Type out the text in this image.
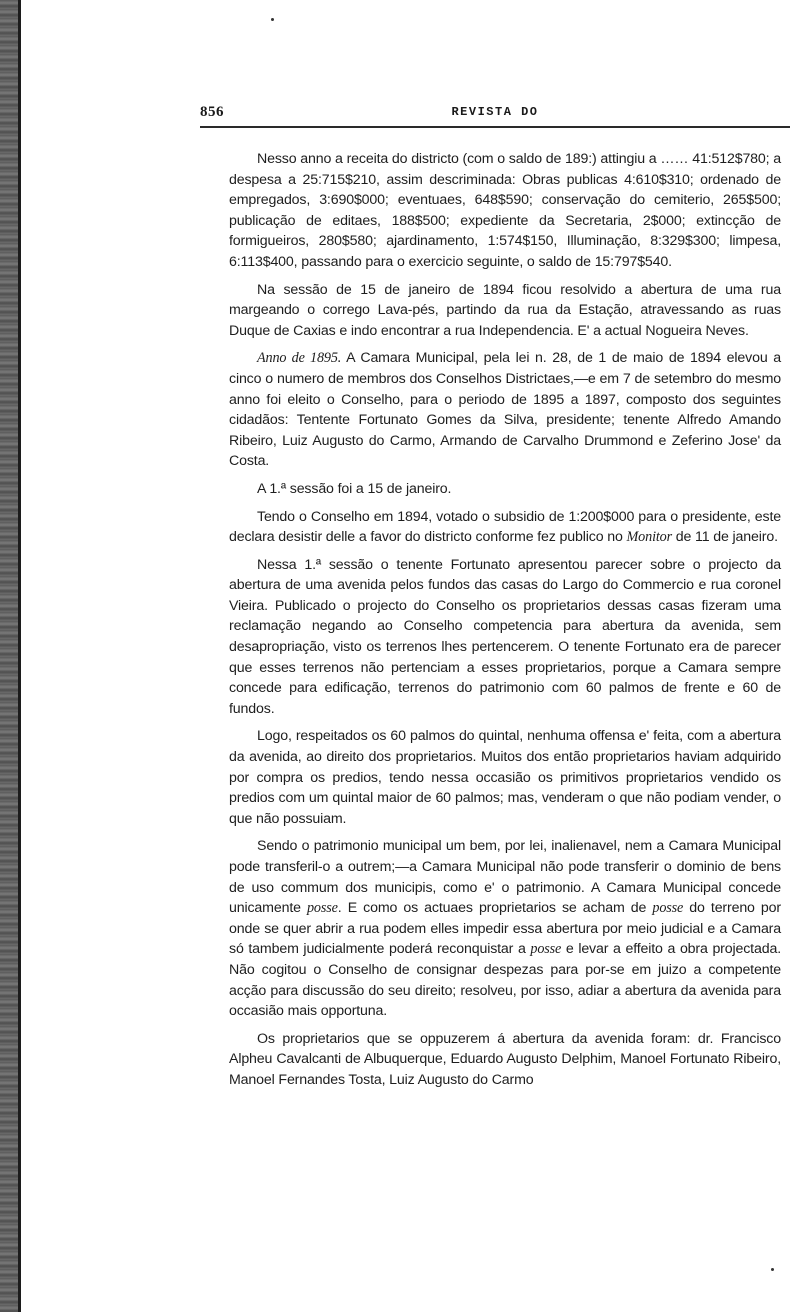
856	REVISTA DO

Nesso anno a receita do districto (com o saldo de 189:) attingiu a …… 41:512$780; a despesa a 25:715$210, assim descriminada: Obras publicas 4:610$310; ordenado de empregados, 3:690$000; eventuaes, 648$590; conservação do cemiterio, 265$500; publicação de editaes, 188$500; expediente da Secretaria, 2$000; extincção de formigueiros, 280$580; ajardinamento, 1:574$150, Illuminação, 8:329$300; limpesa, 6:113$400, passando para o exercicio seguinte, o saldo de 15:797$540.

Na sessão de 15 de janeiro de 1894 ficou resolvido a abertura de uma rua margeando o corrego Lava-pés, partindo da rua da Estação, atravessando as ruas Duque de Caxias e indo encontrar a rua Independencia. E' a actual Nogueira Neves.

Anno de 1895. A Camara Municipal, pela lei n. 28, de 1 de maio de 1894 elevou a cinco o numero de membros dos Conselhos Districtaes,—e em 7 de setembro do mesmo anno foi eleito o Conselho, para o periodo de 1895 a 1897, composto dos seguintes cidadãos: Tentente Fortunato Gomes da Silva, presidente; tenente Alfredo Amando Ribeiro, Luiz Augusto do Carmo, Armando de Carvalho Drummond e Zeferino Jose' da Costa.

A 1.ª sessão foi a 15 de janeiro.

Tendo o Conselho em 1894, votado o subsidio de 1:200$000 para o presidente, este declara desistir delle a favor do districto conforme fez publico no Monitor de 11 de janeiro.

Nessa 1.ª sessão o tenente Fortunato apresentou parecer sobre o projecto da abertura de uma avenida pelos fundos das casas do Largo do Commercio e rua coronel Vieira. Publicado o projecto do Conselho os proprietarios dessas casas fizeram uma reclamação negando ao Conselho competencia para abertura da avenida, sem desapropriação, visto os terrenos lhes pertencerem. O tenente Fortunato era de parecer que esses terrenos não pertenciam a esses proprietarios, porque a Camara sempre concede para edificação, terrenos do patrimonio com 60 palmos de frente e 60 de fundos.

Logo, respeitados os 60 palmos do quintal, nenhuma offensa e' feita, com a abertura da avenida, ao direito dos proprietarios. Muitos dos então proprietarios haviam adquirido por compra os predios, tendo nessa occasião os primitivos proprietarios vendido os predios com um quintal maior de 60 palmos; mas, venderam o que não podiam vender, o que não possuiam.

Sendo o patrimonio municipal um bem, por lei, inalienavel, nem a Camara Municipal pode transferil-o a outrem;—a Camara Municipal não pode transferir o dominio de bens de uso commum dos municipis, como e' o patrimonio. A Camara Municipal concede unicamente posse. E como os actuaes proprietarios se acham de posse do terreno por onde se quer abrir a rua podem elles impedir essa abertura por meio judicial e a Camara só tambem judicialmente poderá reconquistar a posse e levar a effeito a obra projectada. Não cogitou o Conselho de consignar despezas para por-se em juizo a competente acção para discussão do seu direito; resolveu, por isso, adiar a abertura da avenida para occasião mais opportuna.

Os proprietarios que se oppuzerem á abertura da avenida foram: dr. Francisco Alpheu Cavalcanti de Albuquerque, Eduardo Augusto Delphim, Manoel Fortunato Ribeiro, Manoel Fernandes Tosta, Luiz Augusto do Carmo
